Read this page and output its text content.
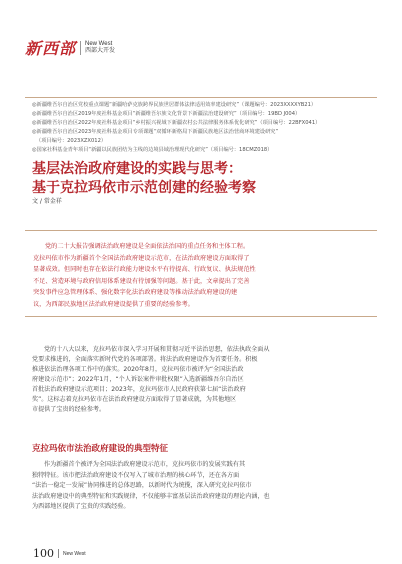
新西部 New West
西部大开发

◎新疆维吾尔自治区党校重点课题“新疆哈萨克族跨界民族世居群体法律适用效率建设研究”（课题编号：2023XXXXYB21）

◎新疆维吾尔自治区2019年度社科基金项目“新疆维吾尔族文化背景下新疆法治建设研究”（项目编号：19BD J004）

◎新疆维吾尔自治区2022年度社科基金项目“乡村振兴视域下新疆农村公共法律服务体系优化研究”（项目编号：22BFX041）

◎新疆维吾尔自治区2023年度社科基金项目专项课题“双循环新格局下新疆民族地区法治营商环境建设研究”

（项目编号：2023XZX012）

◎国家社科基金青年项目“新疆以民族团结为主线的边境县域治理现代化研究”（项目编号：18CMZ018）

基层法治政府建设的实践与思考：
基于克拉玛依市示范创建的经验考察
文 / 常金祥

党的二十大报告强调法治政府建设是全面依法治国的重点任务和主体工程。

克拉玛依市作为新疆首个全国法治政府建设示范市，在法治政府建设方面取得了

显著成效。但同时也存在依法行政能力建设水平有待提高、行政复议、执法规范性

不足、营造环境与政府信用体系建设有待加强等问题。基于此，文章提出了完善

突发事件应急管理体系、强化数字化法治政府建设等推动法治政府建设的建

议，为西部民族地区法治政府建设提供了重要的经验参考。

党的十八大以来，克拉玛依市深入学习开展和贯彻习近平法治思想，依法执政全面从

党要求推进的，全面落实新时代党的各项部署。将法治政府建设作为首要任务。积极

推进依法治理各项工作中的落实。2020年8月，克拉玛依市被评为“全国法治政

府建设示范市”；2022年1月，“个人诉讼案件审批权限”入选新疆维吾尔自治区

首批法治政府建设示范项目；2023年，克拉玛依市人民政府获第七届“法治政府

奖”。这标志着克拉玛依市在法治政府建设方面取得了显著成就，为其他地区

市提供了宝贵的经验参考。

克拉玛依市法治政府建设的典型特征

作为新疆首个被评为全国法治政府建设示范市，克拉玛依市的发展实践有其

独特特征。该市把法治政府建设不仅写入了城市治理的核心环节，还在各方面

“法治一稳定一发展”协同推进的总体思路，以新时代为统揽，深入研究克拉玛依市

法治政府建设中的典型特征和实践规律，不仅能够丰富基层法治政府建设的理论内涵，也

为西部地区提供了宝贵的实践经验。

100 New West
